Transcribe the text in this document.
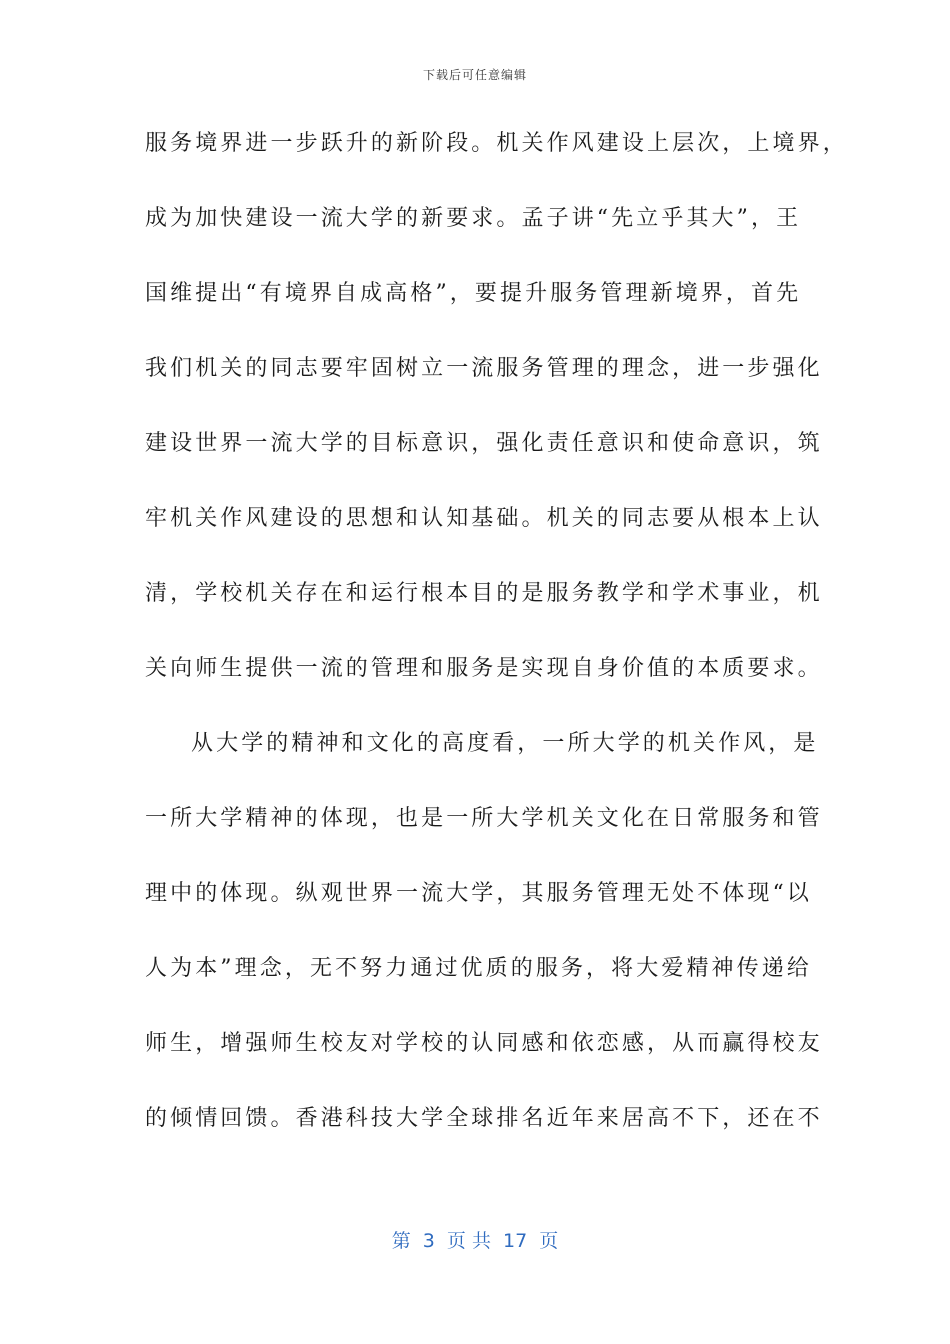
下载后可任意编辑
服务境界进一步跃升的新阶段。机关作风建设上层次，上境界，
成为加快建设一流大学的新要求。孟子讲“先立乎其大”，王
国维提出“有境界自成高格”，要提升服务管理新境界，首先
我们机关的同志要牢固树立一流服务管理的理念，进一步强化
建设世界一流大学的目标意识，强化责任意识和使命意识，筑
牢机关作风建设的思想和认知基础。机关的同志要从根本上认
清，学校机关存在和运行根本目的是服务教学和学术事业，机
关向师生提供一流的管理和服务是实现自身价值的本质要求。
从大学的精神和文化的高度看，一所大学的机关作风，是
一所大学精神的体现，也是一所大学机关文化在日常服务和管
理中的体现。纵观世界一流大学，其服务管理无处不体现“以
人为本”理念，无不努力通过优质的服务，将大爱精神传递给
师生，增强师生校友对学校的认同感和依恋感，从而赢得校友
的倾情回馈。香港科技大学全球排名近年来居高不下，还在不
第  3  页 共  17  页
